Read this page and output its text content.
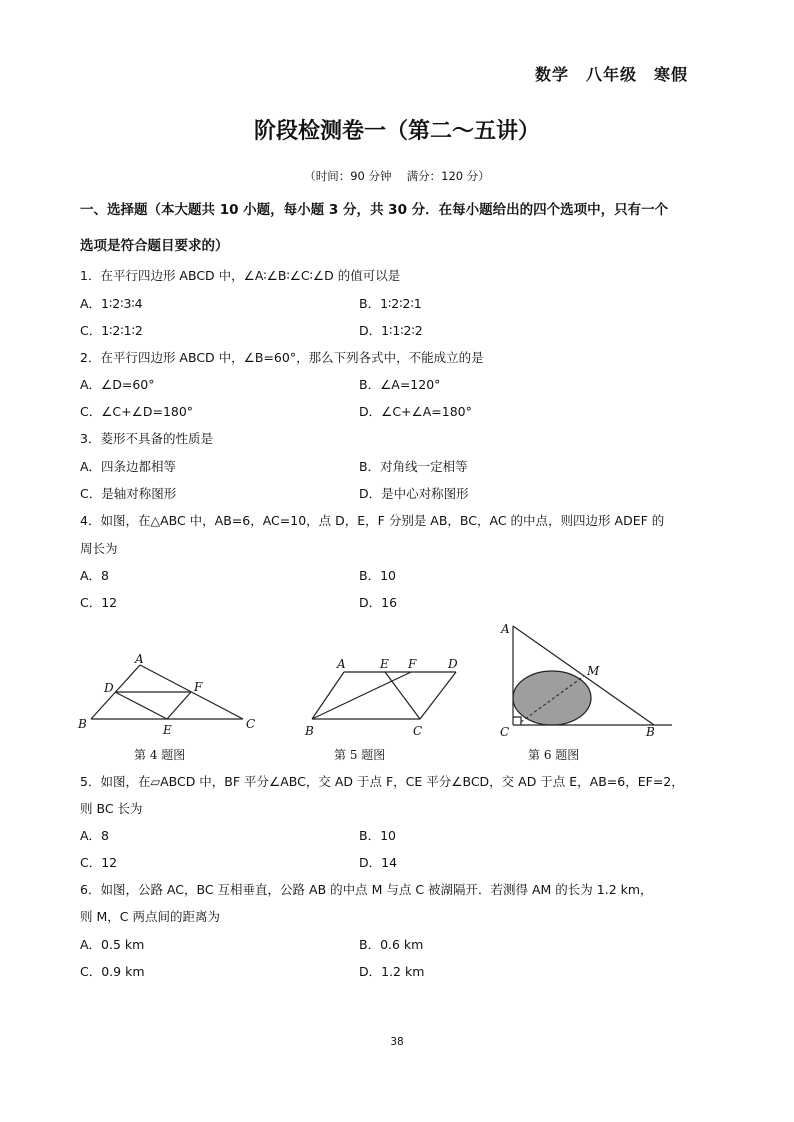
数学　八年级　寒假
阶段检测卷一（第二～五讲）
（时间：90 分钟　 满分：120 分）
一、选择题（本大题共 10 小题，每小题 3 分，共 30 分．在每小题给出的四个选项中，只有一个
选项是符合题目要求的）
1．在平行四边形 ABCD 中，∠A∶∠B∶∠C∶∠D 的值可以是
A．1∶2∶3∶4	B．1∶2∶2∶1
C．1∶2∶1∶2	D．1∶1∶2∶2
2．在平行四边形 ABCD 中，∠B=60°，那么下列各式中，不能成立的是
A．∠D=60°	B．∠A=120°
C．∠C+∠D=180°	D．∠C+∠A=180°
3．菱形不具备的性质是
A．四条边都相等	B．对角线一定相等
C．是轴对称图形	D．是中心对称图形
4．如图，在△ABC 中，AB=6，AC=10，点 D，E，F 分别是 AB，BC，AC 的中点，则四边形 ADEF 的
周长为
A．8	B．10
C．12	D．16
A
B	C
D
E
F
第 4 题图
A	E F	D
B	C
第 5 题图
A
M
C	B
第 6 题图
5．如图，在▱ABCD 中，BF 平分∠ABC，交 AD 于点 F，CE 平分∠BCD，交 AD 于点 E，AB=6，EF=2，
则 BC 长为
A．8	B．10
C．12	D．14
6．如图，公路 AC，BC 互相垂直，公路 AB 的中点 M 与点 C 被湖隔开．若测得 AM 的长为 1.2 km，
则 M，C 两点间的距离为
A．0.5 km	B．0.6 km
C．0.9 km	D．1.2 km
38
